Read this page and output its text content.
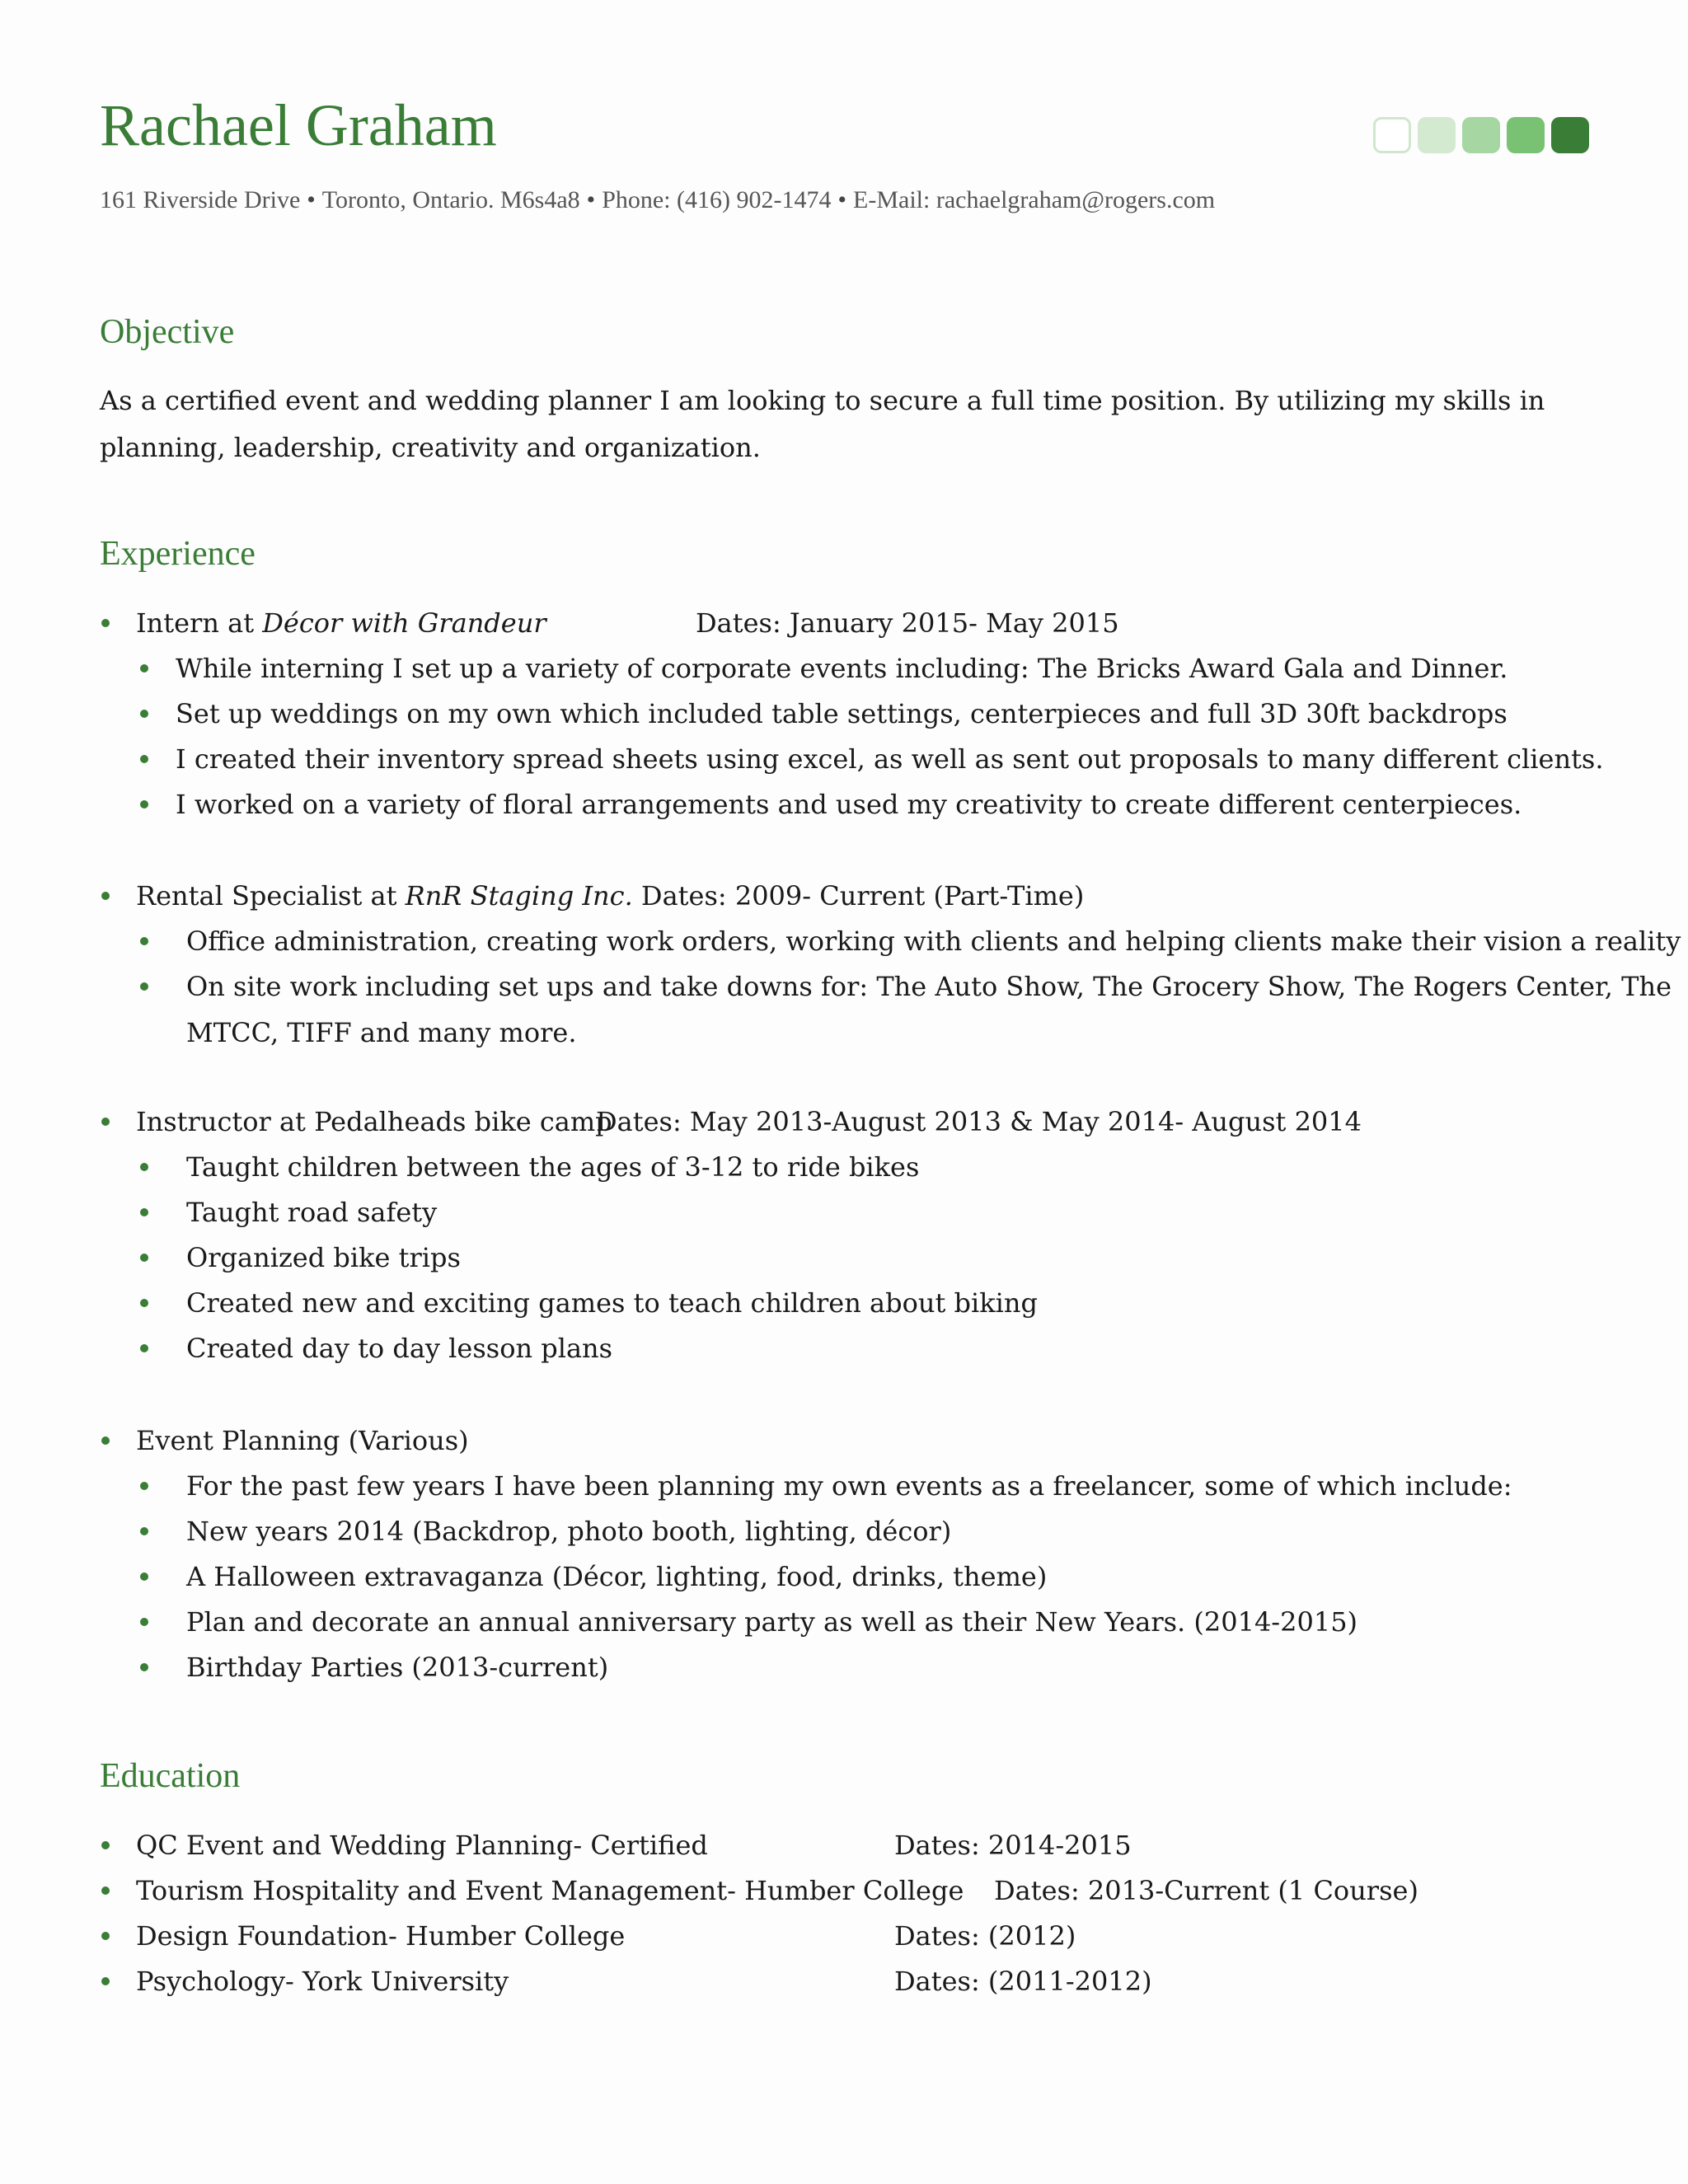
Rachael Graham
161 Riverside Drive • Toronto, Ontario. M6s4a8 • Phone: (416) 902-1474 • E-Mail: rachaelgraham@rogers.com
Objective

As a certified event and wedding planner I am looking to secure a full time position. By utilizing my skills in planning, leadership, creativity and organization.

Experience
Intern at Décor with Grandeur	Dates: January 2015- May 2015
While interning I set up a variety of corporate events including: The Bricks Award Gala and Dinner.
Set up weddings on my own which included table settings, centerpieces and full 3D 30ft backdrops
I created their inventory spread sheets using excel, as well as sent out proposals to many different clients.
I worked on a variety of floral arrangements and used my creativity to create different centerpieces.
Rental Specialist at RnR Staging Inc. Dates: 2009- Current (Part-Time)
Office administration, creating work orders, working with clients and helping clients make their vision a reality
On site work including set ups and take downs for: The Auto Show, The Grocery Show, The Rogers Center, The
MTCC, TIFF and many more.
Instructor at Pedalheads bike camp
Dates: May 2013-August 2013 & May 2014- August 2014
Taught children between the ages of 3-12 to ride bikes
Taught road safety
Organized bike trips
Created new and exciting games to teach children about biking
Created day to day lesson plans
Event Planning (Various)
For the past few years I have been planning my own events as a freelancer, some of which include:
New years 2014 (Backdrop, photo booth, lighting, décor)
A Halloween extravaganza (Décor, lighting, food, drinks, theme)
Plan and decorate an annual anniversary party as well as their New Years. (2014-2015)
Birthday Parties (2013-current)
Education
QC Event and Wedding Planning- Certified	Dates: 2014-2015
Tourism Hospitality and Event Management- Humber College Dates: 2013-Current (1 Course)
Design Foundation- Humber College	Dates: (2012)
Psychology- York University	Dates: (2011-2012)
